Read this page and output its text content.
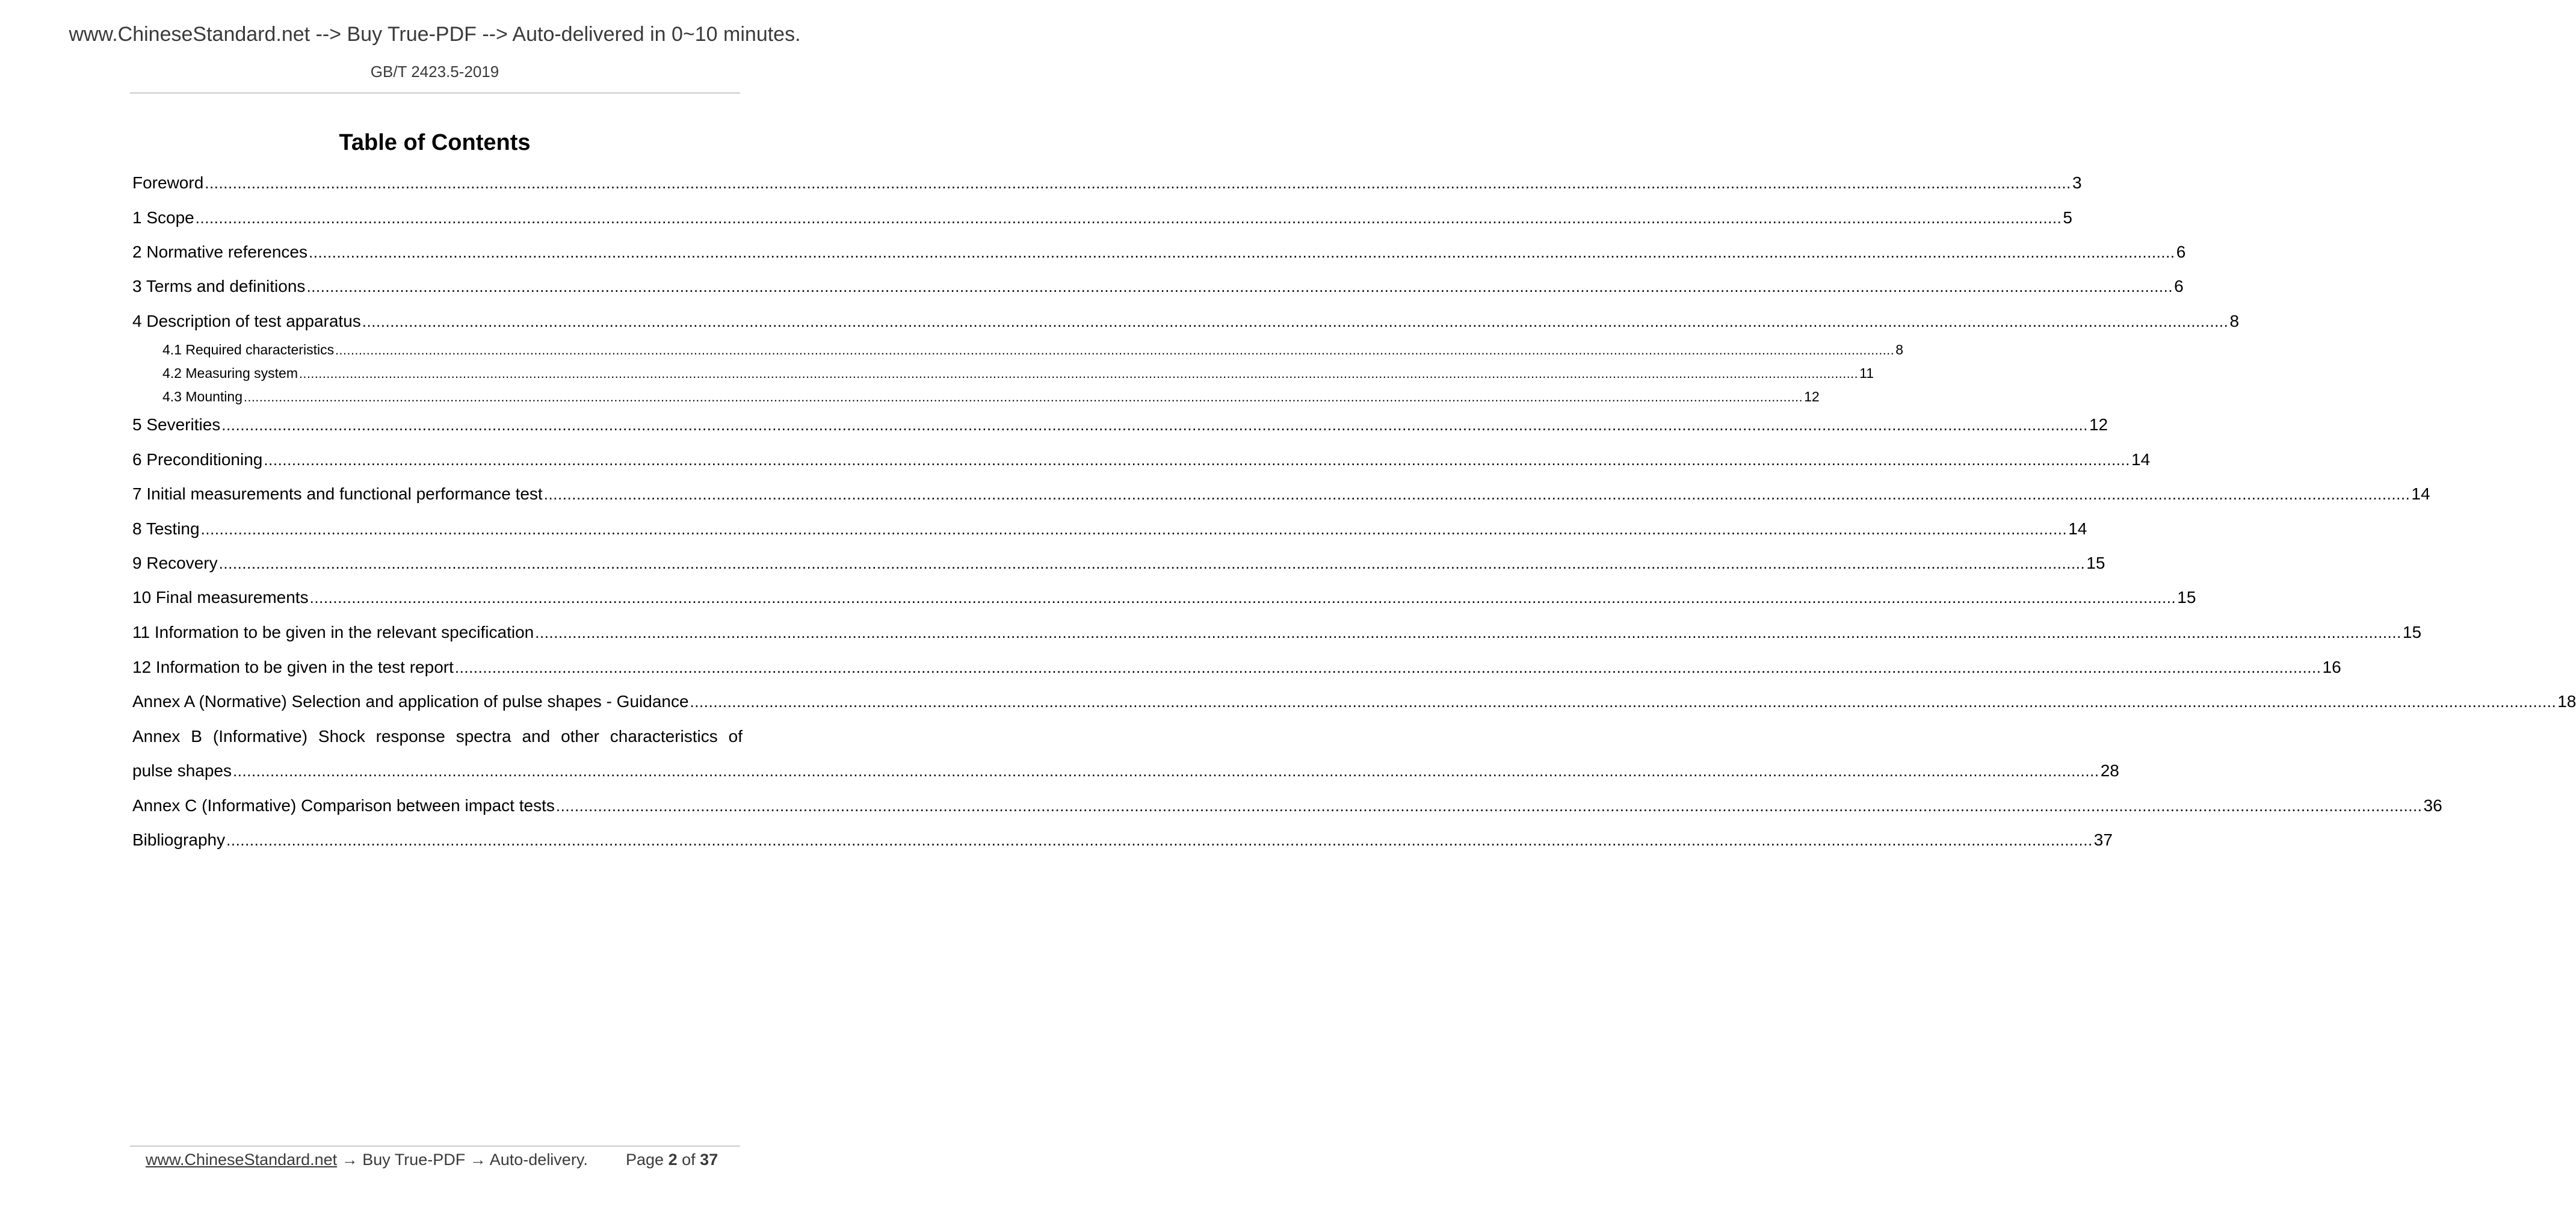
www.ChineseStandard.net --> Buy True-PDF --> Auto-delivered in 0~10 minutes.
GB/T 2423.5-2019
Table of Contents
Foreword ................................................................................................................................................................................................................................................................................................................................................................................................................ 3
1 Scope ................................................................................................................................................................................................................................................................................................................................................................................................................ 5
2 Normative references ................................................................................................................................................................................................................................................................................................................................................................................................................ 6
3 Terms and definitions ................................................................................................................................................................................................................................................................................................................................................................................................................ 6
4 Description of test apparatus ................................................................................................................................................................................................................................................................................................................................................................................................................ 8
4.1 Required characteristics ................................................................................................................................................................................................................................................................................................................................................................................................................ 8
4.2 Measuring system ................................................................................................................................................................................................................................................................................................................................................................................................................ 11
4.3 Mounting ................................................................................................................................................................................................................................................................................................................................................................................................................ 12
5 Severities ................................................................................................................................................................................................................................................................................................................................................................................................................ 12
6 Preconditioning ................................................................................................................................................................................................................................................................................................................................................................................................................ 14
7 Initial measurements and functional performance test ................................................................................................................................................................................................................................................................................................................................................................................................................ 14
8 Testing ................................................................................................................................................................................................................................................................................................................................................................................................................ 14
9 Recovery ................................................................................................................................................................................................................................................................................................................................................................................................................ 15
10 Final measurements ................................................................................................................................................................................................................................................................................................................................................................................................................ 15
11 Information to be given in the relevant specification ................................................................................................................................................................................................................................................................................................................................................................................................................ 15
12 Information to be given in the test report ................................................................................................................................................................................................................................................................................................................................................................................................................ 16
Annex A (Normative) Selection and application of pulse shapes - Guidance ................................................................................................................................................................................................................................................................................................................................................................................................................ 18
Annex B (Informative) Shock response spectra and other characteristics of
pulse shapes ................................................................................................................................................................................................................................................................................................................................................................................................................ 28
Annex C (Informative) Comparison between impact tests ................................................................................................................................................................................................................................................................................................................................................................................................................ 36
Bibliography ................................................................................................................................................................................................................................................................................................................................................................................................................ 37
www.ChineseStandard.net → Buy True-PDF → Auto-delivery. Page 2 of 37
